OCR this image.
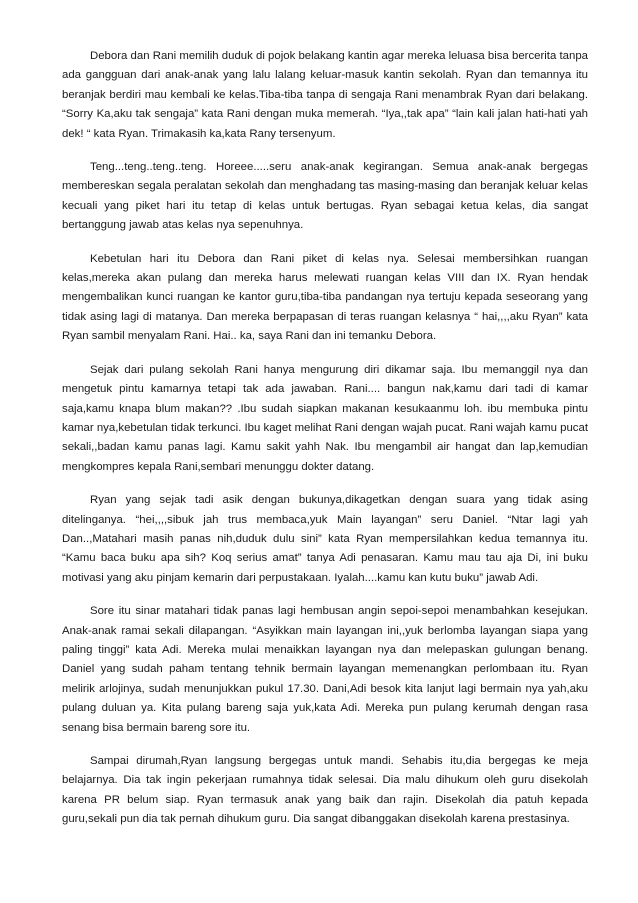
Debora dan Rani memilih duduk di pojok belakang kantin agar mereka leluasa bisa bercerita tanpa ada gangguan dari anak-anak yang lalu lalang keluar-masuk kantin sekolah. Ryan dan temannya itu beranjak berdiri mau kembali ke kelas.Tiba-tiba tanpa di sengaja Rani menambrak Ryan dari belakang. “Sorry Ka,aku tak sengaja” kata Rani dengan muka memerah. “Iya,,tak apa” “lain kali jalan hati-hati yah dek! “ kata Ryan. Trimakasih ka,kata Rany tersenyum.

Teng...teng..teng..teng. Horeee.....seru anak-anak kegirangan. Semua anak-anak bergegas membereskan segala peralatan sekolah dan menghadang tas masing-masing dan beranjak keluar kelas kecuali yang piket hari itu tetap di kelas untuk bertugas. Ryan sebagai ketua kelas, dia sangat bertanggung jawab atas kelas nya sepenuhnya.

Kebetulan hari itu Debora dan Rani piket di kelas nya. Selesai membersihkan ruangan kelas,mereka akan pulang dan mereka harus melewati ruangan kelas VIII dan IX. Ryan hendak mengembalikan kunci ruangan ke kantor guru,tiba-tiba pandangan nya tertuju kepada seseorang yang tidak asing lagi di matanya. Dan mereka berpapasan di teras ruangan kelasnya “ hai,,,,aku Ryan” kata Ryan sambil menyalam Rani. Hai.. ka, saya Rani dan ini temanku Debora.

Sejak dari pulang sekolah Rani hanya mengurung diri dikamar saja. Ibu memanggil nya dan mengetuk pintu kamarnya tetapi tak ada jawaban. Rani.... bangun nak,kamu dari tadi di kamar saja,kamu knapa blum makan?? .Ibu sudah siapkan makanan kesukaanmu loh. ibu membuka pintu kamar nya,kebetulan tidak terkunci. Ibu kaget melihat Rani dengan wajah pucat. Rani wajah kamu pucat sekali,,badan kamu panas lagi. Kamu sakit yahh Nak. Ibu mengambil air hangat dan lap,kemudian mengkompres kepala Rani,sembari menunggu dokter datang.

Ryan yang sejak tadi asik dengan bukunya,dikagetkan dengan suara yang tidak asing ditelinganya. “hei,,,,sibuk jah trus membaca,yuk Main layangan” seru Daniel. “Ntar lagi yah Dan..,Matahari masih panas nih,duduk dulu sini” kata Ryan mempersilahkan kedua temannya itu. “Kamu baca buku apa sih? Koq serius amat” tanya Adi penasaran. Kamu mau tau aja Di, ini buku motivasi yang aku pinjam kemarin dari perpustakaan. Iyalah....kamu kan kutu buku” jawab Adi.

Sore itu sinar matahari tidak panas lagi hembusan angin sepoi-sepoi menambahkan kesejukan. Anak-anak ramai sekali dilapangan. “Asyikkan main layangan ini,,yuk berlomba layangan siapa yang paling tinggi” kata Adi. Mereka mulai menaikkan layangan nya dan melepaskan gulungan benang. Daniel yang sudah paham tentang tehnik bermain layangan memenangkan perlombaan itu. Ryan melirik arlojinya, sudah menunjukkan pukul 17.30. Dani,Adi besok kita lanjut lagi bermain nya yah,aku pulang duluan ya. Kita pulang bareng saja yuk,kata Adi. Mereka pun pulang kerumah dengan rasa senang bisa bermain bareng sore itu.

Sampai dirumah,Ryan langsung bergegas untuk mandi. Sehabis itu,dia bergegas ke meja belajarnya. Dia tak ingin pekerjaan rumahnya tidak selesai. Dia malu dihukum oleh guru disekolah karena PR belum siap. Ryan termasuk anak yang baik dan rajin. Disekolah dia patuh kepada guru,sekali pun dia tak pernah dihukum guru. Dia sangat dibanggakan disekolah karena prestasinya.
